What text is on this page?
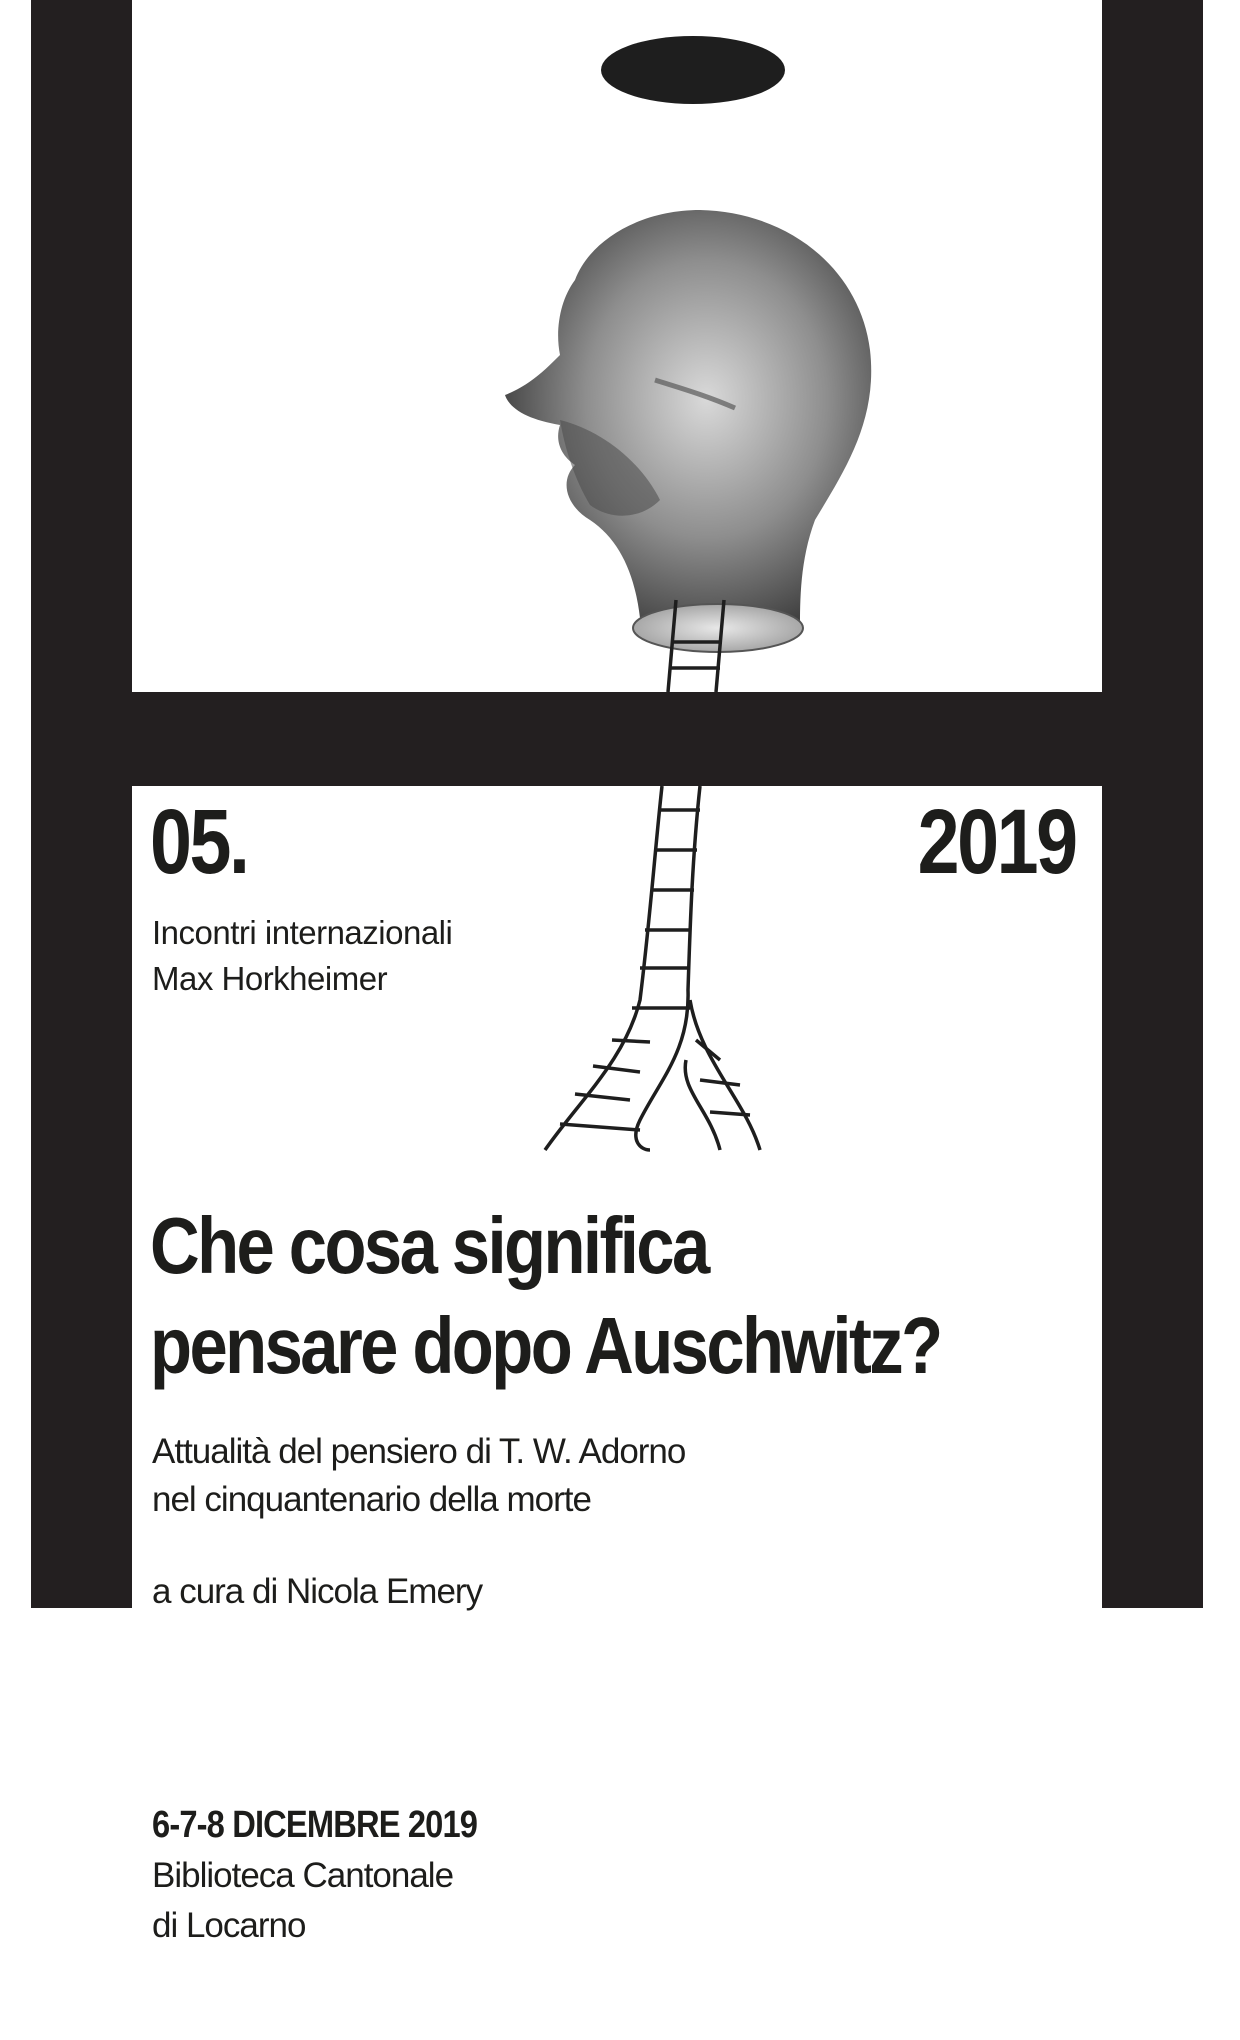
05.	2019
Incontri internazionali
Max Horkheimer
Che cosa significa
pensare dopo Auschwitz?
Attualità del pensiero di T. W. Adorno
nel cinquantenario della morte
a cura di Nicola Emery
6-7-8 DICEMBRE 2019
Biblioteca Cantonale
di Locarno
